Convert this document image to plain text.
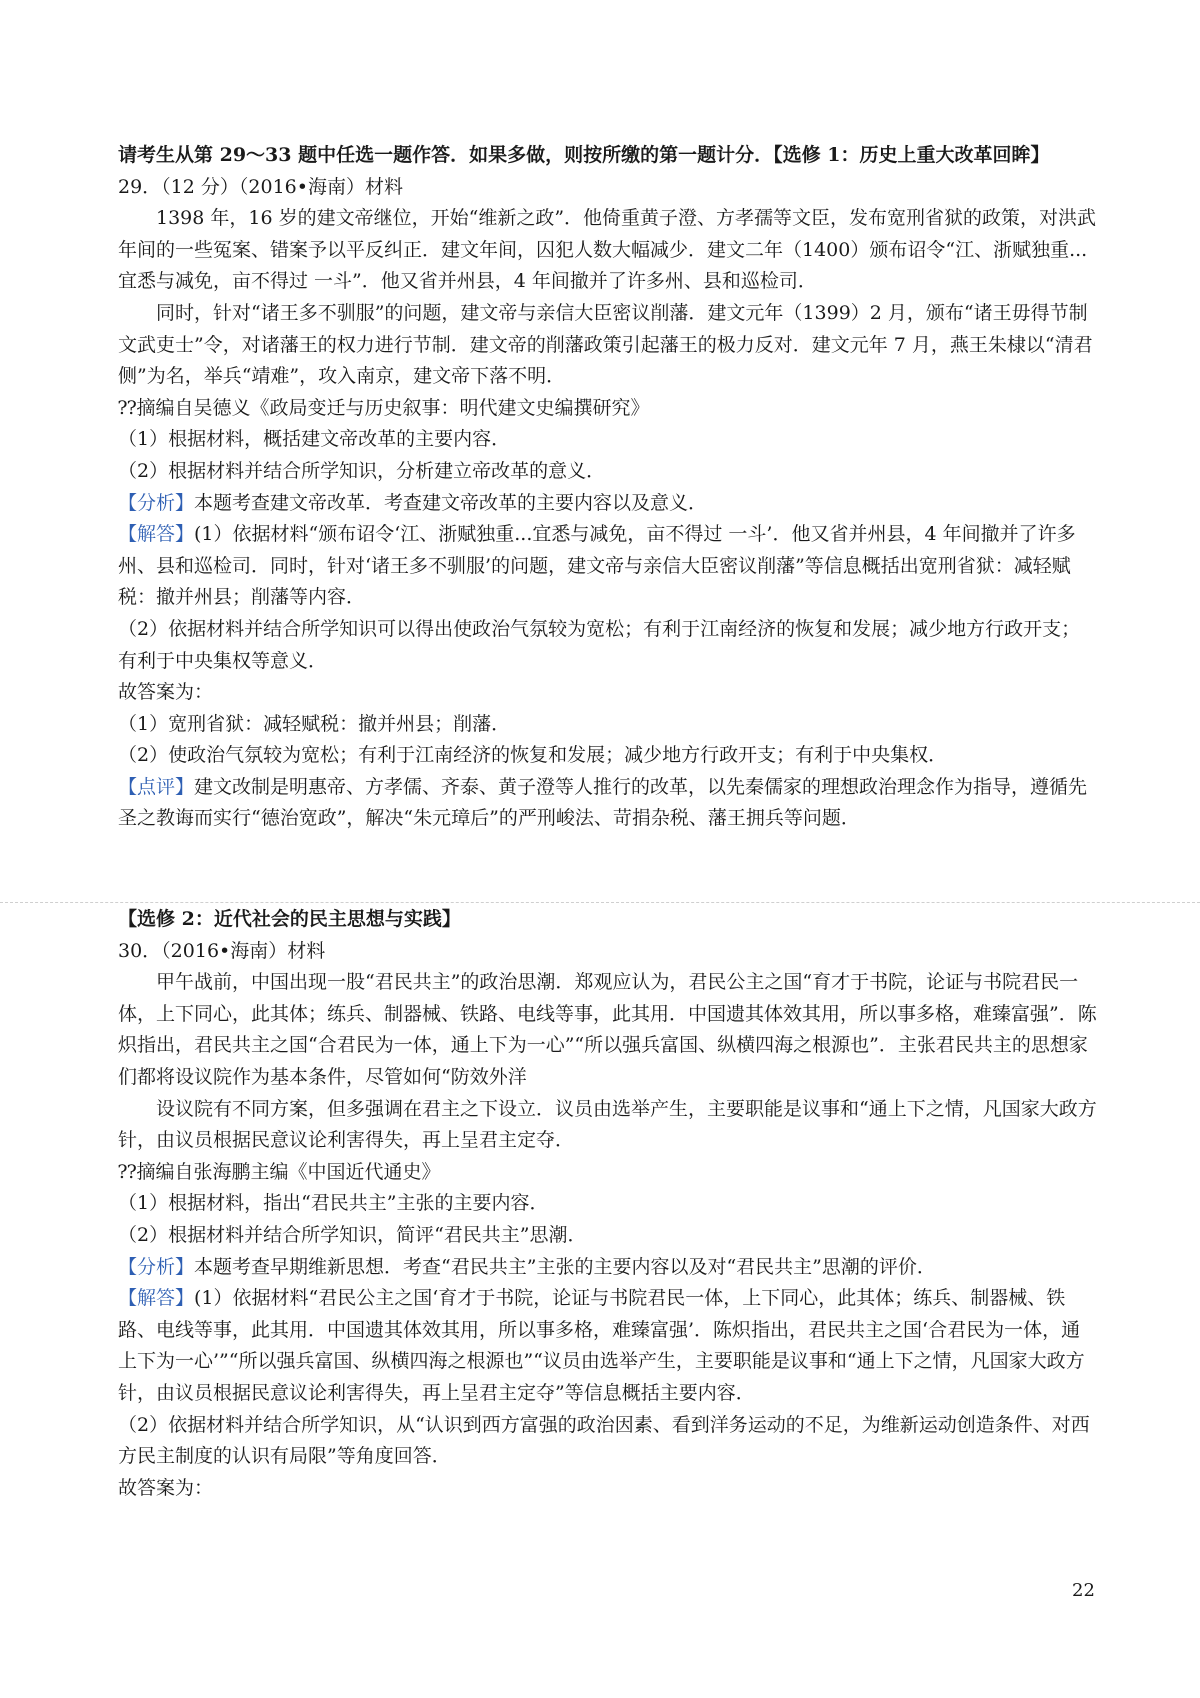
请考生从第 29～33 题中任选一题作答．如果多做，则按所缴的第一题计分．【选修 1：历史上重大改革回眸】

29．（12 分）（2016•海南）材料

1398 年，16 岁的建文帝继位，开始“维新之政”．他倚重黄子澄、方孝孺等文臣，发布宽刑省狱的政策，对洪武年间的一些冤案、错案予以平反纠正．建文年间，囚犯人数大幅减少．建文二年（1400）颁布诏令“江、浙赋独重...宜悉与减免，亩不得过 一斗”．他又省并州县，4 年间撤并了许多州、县和巡检司．

同时，针对“诸王多不驯服”的问题，建文帝与亲信大臣密议削藩．建文元年（1399）2 月，颁布“诸王毋得节制文武吏士”令，对诸藩王的权力进行节制．建文帝的削藩政策引起藩王的极力反对．建文元年 7 月，燕王朱棣以“清君侧”为名，举兵“靖难”，攻入南京，建文帝下落不明．

⁇摘编自吴德义《政局变迁与历史叙事：明代建文史编撰研究》

（1）根据材料，概括建文帝改革的主要内容．

（2）根据材料并结合所学知识，分析建立帝改革的意义．

【分析】本题考查建文帝改革．考查建文帝改革的主要内容以及意义．

【解答】(1）依据材料“颁布诏令‘江、浙赋独重...宜悉与减免，亩不得过 一斗’．他又省并州县，4 年间撤并了许多州、县和巡检司．同时，针对‘诸王多不驯服’的问题，建文帝与亲信大臣密议削藩”等信息概括出宽刑省狱：减轻赋税：撤并州县；削藩等内容．

（2）依据材料并结合所学知识可以得出使政治气氛较为宽松；有利于江南经济的恢复和发展；减少地方行政开支；有利于中央集权等意义．

故答案为：

（1）宽刑省狱：减轻赋税：撤并州县；削藩．

（2）使政治气氛较为宽松；有利于江南经济的恢复和发展；减少地方行政开支；有利于中央集权．

【点评】建文改制是明惠帝、方孝儒、齐泰、黄子澄等人推行的改革，以先秦儒家的理想政治理念作为指导，遵循先圣之教诲而实行“德治宽政”，解决“朱元璋后”的严刑峻法、苛捐杂税、藩王拥兵等问题．

【选修 2：近代社会的民主思想与实践】

30．（2016•海南）材料

甲午战前，中国出现一股“君民共主”的政治思潮．郑观应认为，君民公主之国“育才于书院，论证与书院君民一体，上下同心，此其体；练兵、制器械、铁路、电线等事，此其用．中国遗其体效其用，所以事多格，难臻富强”．陈炽指出，君民共主之国“合君民为一体，通上下为一心”“所以强兵富国、纵横四海之根源也”．主张君民共主的思想家们都将设议院作为基本条件，尽管如何“防效外洋

设议院有不同方案，但多强调在君主之下设立．议员由选举产生，主要职能是议事和“通上下之情，凡国家大政方针，由议员根据民意议论利害得失，再上呈君主定夺．

⁇摘编自张海鹏主编《中国近代通史》

（1）根据材料，指出“君民共主”主张的主要内容．

（2）根据材料并结合所学知识，简评“君民共主”思潮．

【分析】本题考查早期维新思想．考查“君民共主”主张的主要内容以及对“君民共主”思潮的评价．

【解答】(1）依据材料“君民公主之国‘育才于书院，论证与书院君民一体，上下同心，此其体；练兵、制器械、铁路、电线等事，此其用．中国遗其体效其用，所以事多格，难臻富强’．陈炽指出，君民共主之国‘合君民为一体，通上下为一心’”“所以强兵富国、纵横四海之根源也”“议员由选举产生，主要职能是议事和“通上下之情，凡国家大政方针，由议员根据民意议论利害得失，再上呈君主定夺”等信息概括主要内容．

（2）依据材料并结合所学知识，从“认识到西方富强的政治因素、看到洋务运动的不足，为维新运动创造条件、对西方民主制度的认识有局限”等角度回答．

故答案为：

22
